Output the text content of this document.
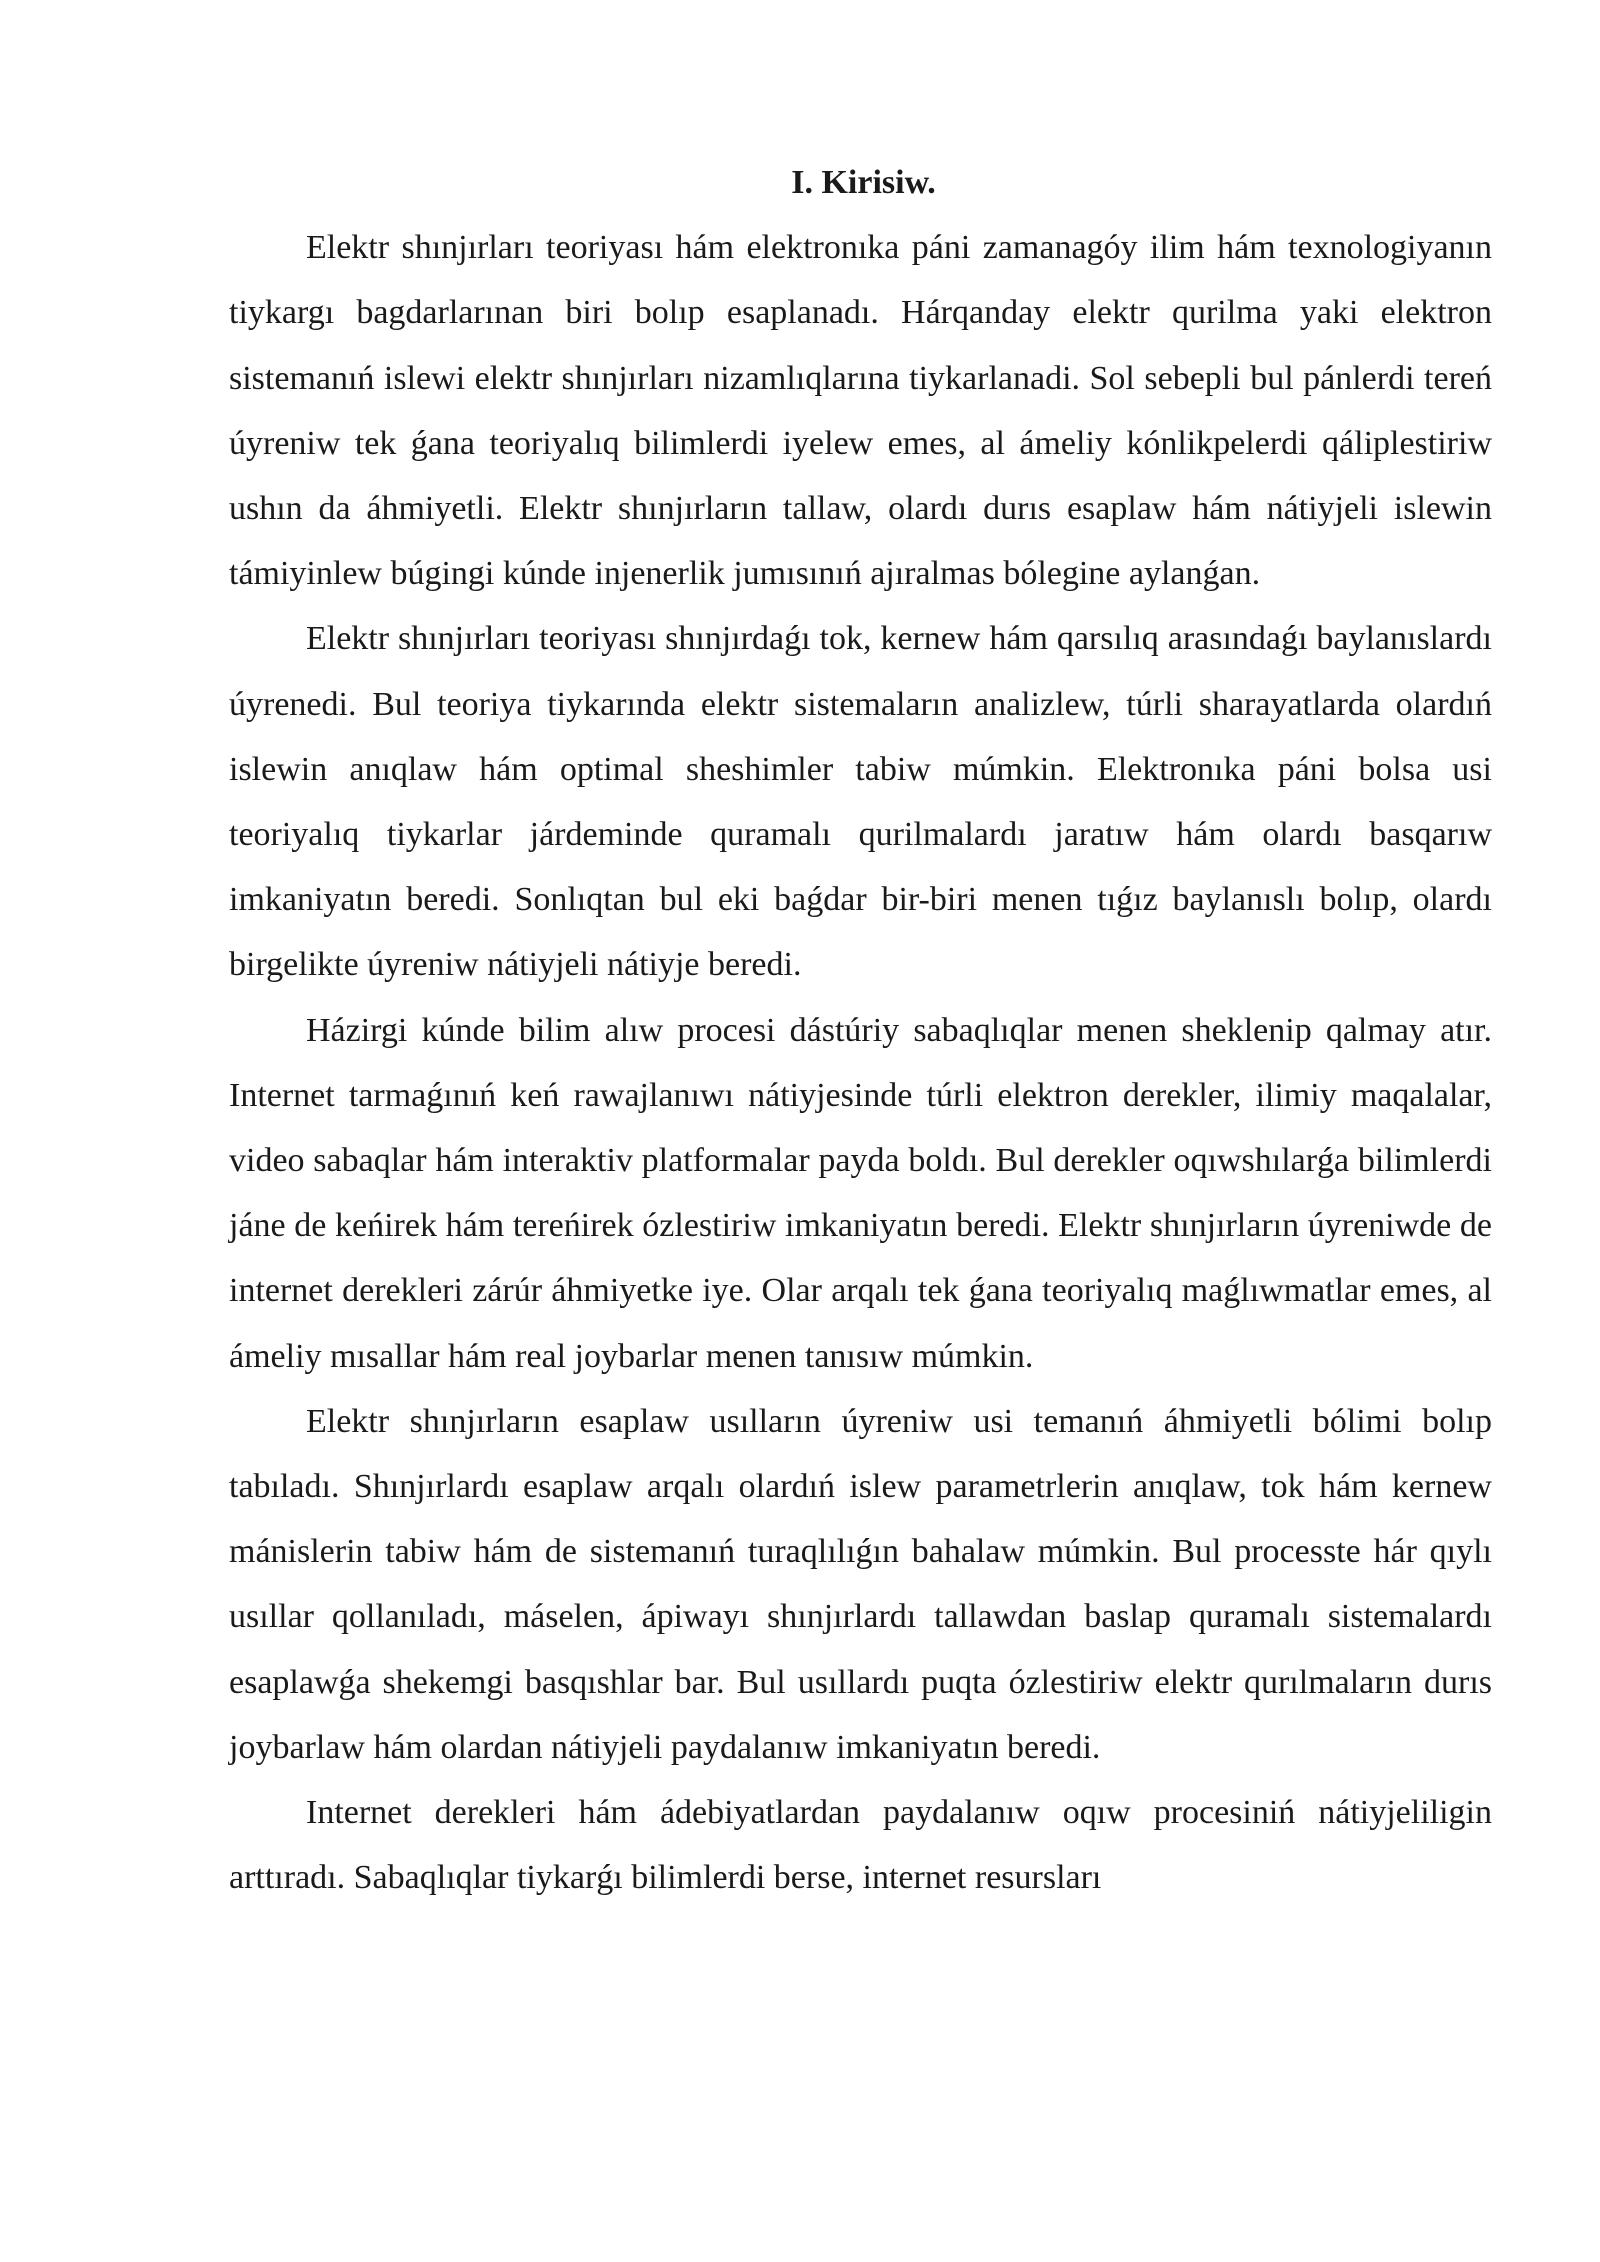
I. Kirisiw.

Elektr shınjırları teoriyası hám elektronıka páni zamanagóy ilim hám texnologiyanın tiykargı bagdarlarınan biri bolıp esaplanadı. Hárqanday elektr qurilma yaki elektron sistemanıń islewi elektr shınjırları nizamlıqlarına tiykarlanadi. Sol sebepli bul pánlerdi tereń úyreniw tek ǵana teoriyalıq bilimlerdi iyelew emes, al ámeliy kónlikpelerdi qáliplestiriw ushın da áhmiyetli. Elektr shınjırların tallaw, olardı durıs esaplaw hám nátiyjeli islewin támiyinlew búgingi kúnde injenerlik jumısınıń ajıralmas bólegine aylanǵan.

Elektr shınjırları teoriyası shınjırdaǵı tok, kernew hám qarsılıq arasındaǵı baylanıslardı úyrenedi. Bul teoriya tiykarında elektr sistemaların analizlew, túrli sharayatlarda olardıń islewin anıqlaw hám optimal sheshimler tabiw múmkin. Elektronıka páni bolsa usi teoriyalıq tiykarlar járdeminde quramalı qurilmalardı jaratıw hám olardı basqarıw imkaniyatın beredi. Sonlıqtan bul eki baǵdar bir-biri menen tıǵız baylanıslı bolıp, olardı birgelikte úyreniw nátiyjeli nátiyje beredi.

Házirgi kúnde bilim alıw procesi dástúriy sabaqlıqlar menen sheklenip qalmay atır. Internet tarmaǵınıń keń rawajlanıwı nátiyjesinde túrli elektron derekler, ilimiy maqalalar, video sabaqlar hám interaktiv platformalar payda boldı. Bul derekler oqıwshılarǵa bilimlerdi jáne de keńirek hám tereńirek ózlestiriw imkaniyatın beredi. Elektr shınjırların úyreniwde de internet derekleri zárúr áhmiyetke iye. Olar arqalı tek ǵana teoriyalıq maǵlıwmatlar emes, al ámeliy mısallar hám real joybarlar menen tanısıw múmkin.

Elektr shınjırların esaplaw usılların úyreniw usi temanıń áhmiyetli bólimi bolıp tabıladı. Shınjırlardı esaplaw arqalı olardıń islew parametrlerin anıqlaw, tok hám kernew mánislerin tabiw hám de sistemanıń turaqlılıǵın bahalaw múmkin. Bul processte hár qıylı usıllar qollanıladı, máselen, ápiwayı shınjırlardı tallawdan baslap quramalı sistemalardı esaplawǵa shekemgi basqıshlar bar. Bul usıllardı puqta ózlestiriw elektr qurılmaların durıs joybarlaw hám olardan nátiyjeli paydalanıw imkaniyatın beredi.

Internet derekleri hám ádebiyatlardan paydalanıw oqıw procesiniń nátiyjeliligin arttıradı. Sabaqlıqlar tiykarǵı bilimlerdi berse, internet resursları
